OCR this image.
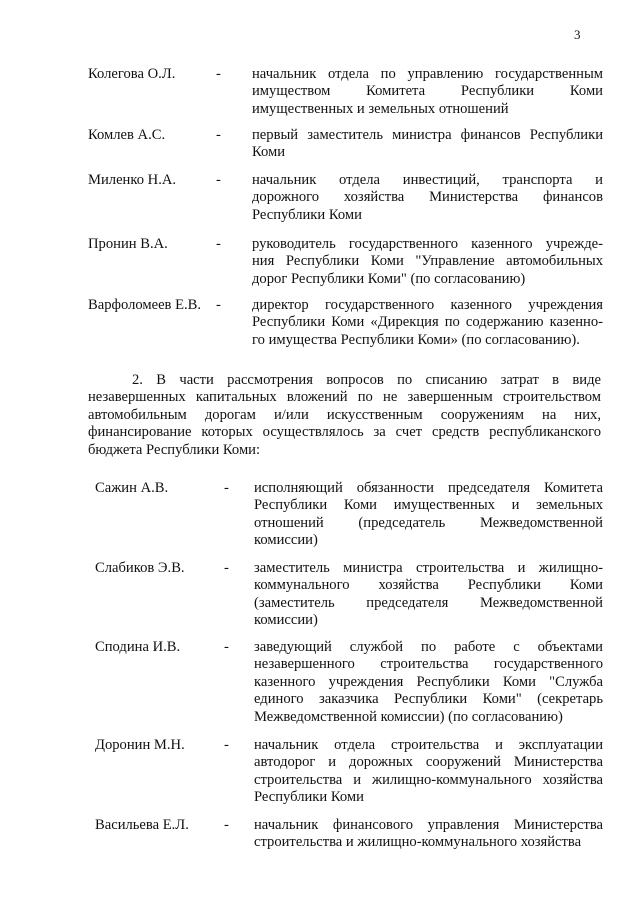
3
Колегова О.Л.	- начальник отдела по управлению государственным
имуществом Комитета Республики Коми
имущественных и земельных отношений
Комлев А.С.	- первый заместитель министра финансов Республики
Коми
Миленко Н.А.	- начальник отдела инвестиций, транспорта и
дорожного хозяйства Министерства финансов
Республики Коми
Пронин В.А.	- руководитель государственного казенного учрежде-
ния Республики Коми "Управление автомобильных
дорог Республики Коми" (по согласованию)
Варфоломеев Е.В. - директор государственного казенного учреждения
Республики Коми «Дирекция по содержанию казенно-
го имущества Республики Коми» (по согласованию).
2. В части рассмотрения вопросов по списанию затрат в виде
незавершенных капитальных вложений по не завершенным строительством
автомобильным дорогам и/или искусственным сооружениям на них,
финансирование которых осуществлялось за счет средств республиканского
бюджета Республики Коми:
Сажин А.В.	- исполняющий обязанности председателя Комитета
Республики Коми имущественных и земельных
отношений (председатель Межведомственной
комиссии)
Слабиков Э.В.	- заместитель министра строительства и жилищно-
коммунального хозяйства Республики Коми
(заместитель председателя Межведомственной
комиссии)
Сподина И.В.	- заведующий службой по работе с объектами
незавершенного строительства государственного
казенного учреждения Республики Коми "Служба
единого заказчика Республики Коми" (секретарь
Межведомственной комиссии) (по согласованию)
Доронин М.Н.	- начальник отдела строительства и эксплуатации
автодорог и дорожных сооружений Министерства
строительства и жилищно-коммунального хозяйства
Республики Коми
Васильева Е.Л. - начальник финансового управления Министерства
строительства и жилищно-коммунального хозяйства
